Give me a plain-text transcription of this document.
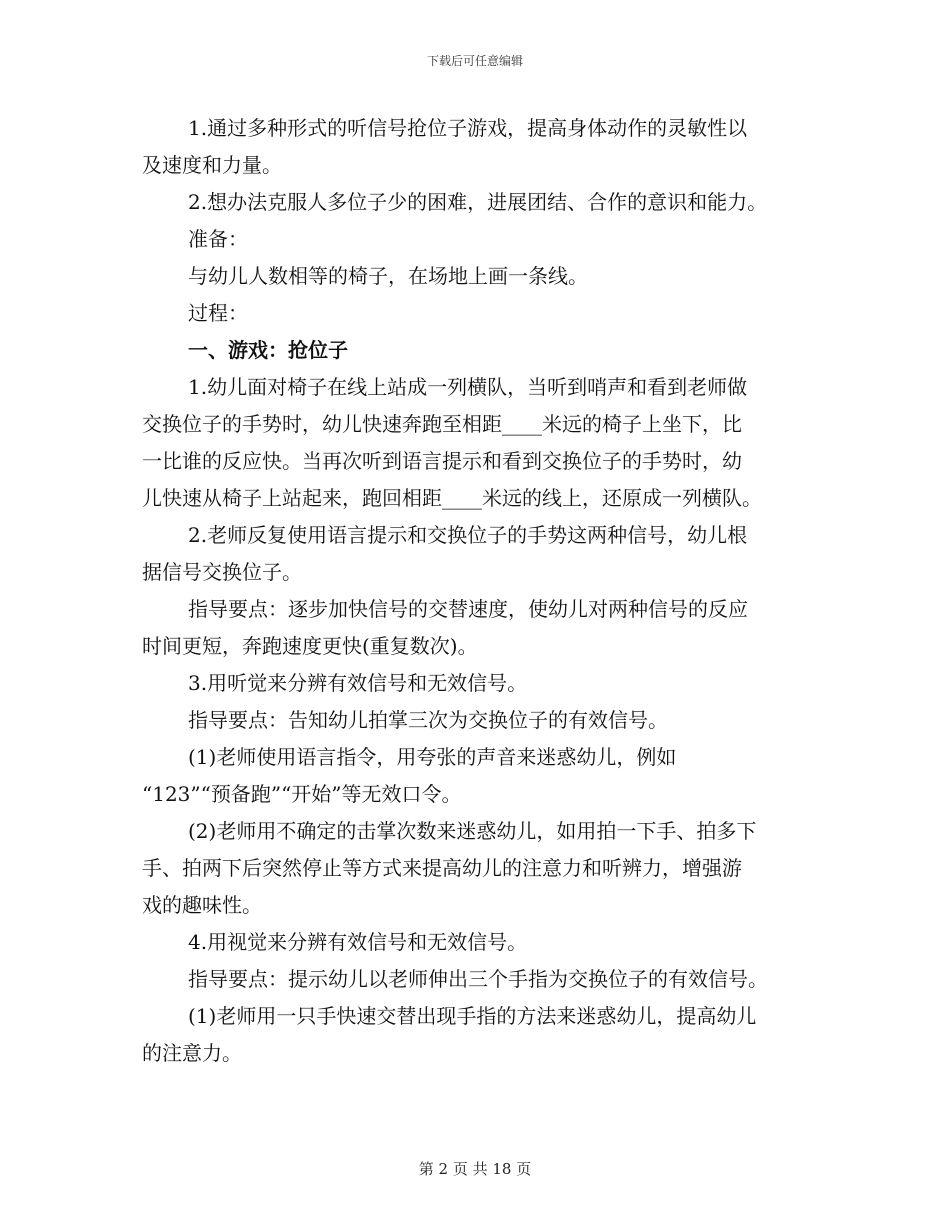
下载后可任意编辑
1.通过多种形式的听信号抢位子游戏，提高身体动作的灵敏性以
及速度和力量。
2.想办法克服人多位子少的困难，进展团结、合作的意识和能力。
准备：
与幼儿人数相等的椅子，在场地上画一条线。
过程：
一、游戏：抢位子
1.幼儿面对椅子在线上站成一列横队，当听到哨声和看到老师做
交换位子的手势时，幼儿快速奔跑至相距____米远的椅子上坐下，比
一比谁的反应快。当再次听到语言提示和看到交换位子的手势时，幼
儿快速从椅子上站起来，跑回相距____米远的线上，还原成一列横队。
2.老师反复使用语言提示和交换位子的手势这两种信号，幼儿根
据信号交换位子。
指导要点：逐步加快信号的交替速度，使幼儿对两种信号的反应
时间更短，奔跑速度更快(重复数次)。
3.用听觉来分辨有效信号和无效信号。
指导要点：告知幼儿拍掌三次为交换位子的有效信号。
(1)老师使用语言指令，用夸张的声音来迷惑幼儿，例如
“123”“预备跑”“开始”等无效口令。
(2)老师用不确定的击掌次数来迷惑幼儿，如用拍一下手、拍多下
手、拍两下后突然停止等方式来提高幼儿的注意力和听辨力，增强游
戏的趣味性。
4.用视觉来分辨有效信号和无效信号。
指导要点：提示幼儿以老师伸出三个手指为交换位子的有效信号。
(1)老师用一只手快速交替出现手指的方法来迷惑幼儿，提高幼儿
的注意力。
第 2 页 共 18 页
